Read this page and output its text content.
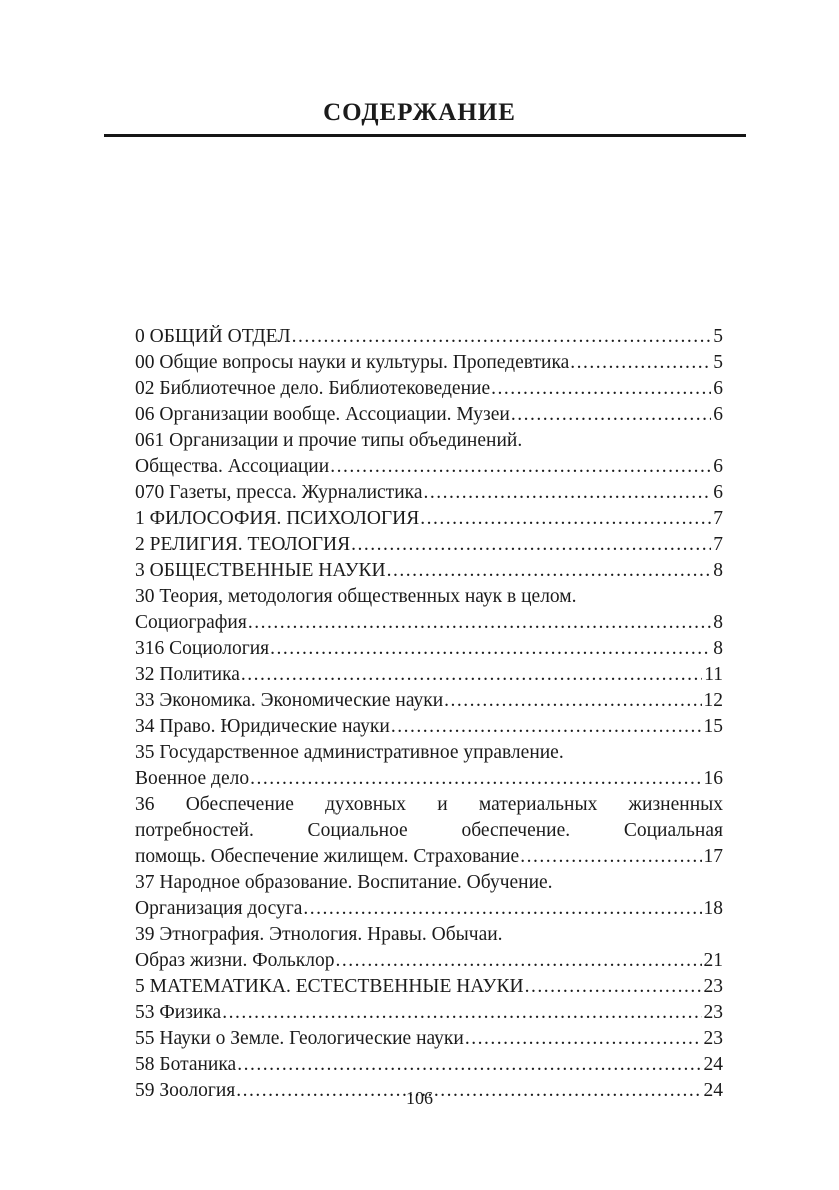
СОДЕРЖАНИЕ
0 ОБЩИЙ ОТДЕЛ .....	5
00 Общие вопросы науки и культуры. Пропедевтика .....	5
02 Библиотечное дело. Библиотековедение .....	6
06 Организации вообще. Ассоциации. Музеи .....	6
061 Организации и прочие типы объединений.
Общества. Ассоциации .....	6
070 Газеты, пресса. Журналистика .....	6
1 ФИЛОСОФИЯ. ПСИХОЛОГИЯ .....	7
2 РЕЛИГИЯ. ТЕОЛОГИЯ .....	7
3 ОБЩЕСТВЕННЫЕ НАУКИ .....	8
30 Теория, методология общественных наук в целом.
Социография .....	8
316 Социология .....	8
32 Политика .....	11
33 Экономика. Экономические науки .....	12
34 Право. Юридические науки .....	15
35 Государственное административное управление.
Военное дело .....	16
36 Обеспечение духовных и материальных жизненных
потребностей. Социальное обеспечение. Социальная
помощь. Обеспечение жилищем. Страхование .....	17
37 Народное образование. Воспитание. Обучение.
Организация досуга .....	18
39 Этнография. Этнология. Нравы. Обычаи.
Образ жизни. Фольклор .....	21
5 МАТЕМАТИКА. ЕСТЕСТВЕННЫЕ НАУКИ .....	23
53 Физика .....	23
55 Науки о Земле. Геологические науки .....	23
58 Ботаника .....	24
59 Зоология .....	24
106
